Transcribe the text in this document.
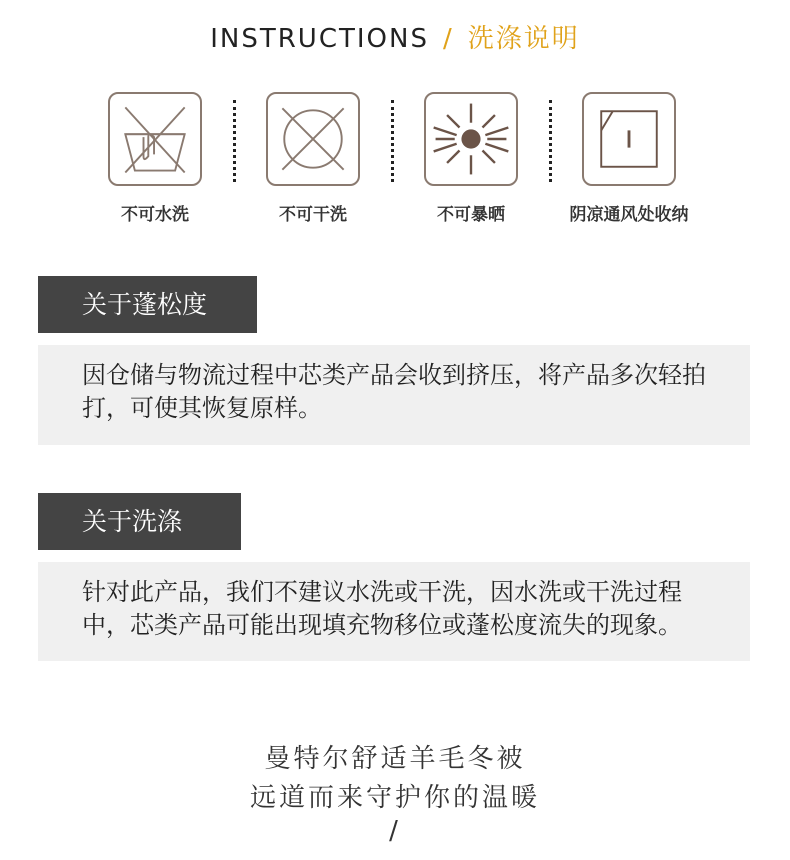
INSTRUCTIONS / 洗涤说明
不可水洗	不可干洗	不可暴晒	阴凉通风处收纳
关于蓬松度
因仓储与物流过程中芯类产品会收到挤压，将产品多次轻拍打，可使其恢复原样。
关于洗涤
针对此产品，我们不建议水洗或干洗，因水洗或干洗过程中，芯类产品可能出现填充物移位或蓬松度流失的现象。
曼特尔舒适羊毛冬被
远道而来守护你的温暖
/
